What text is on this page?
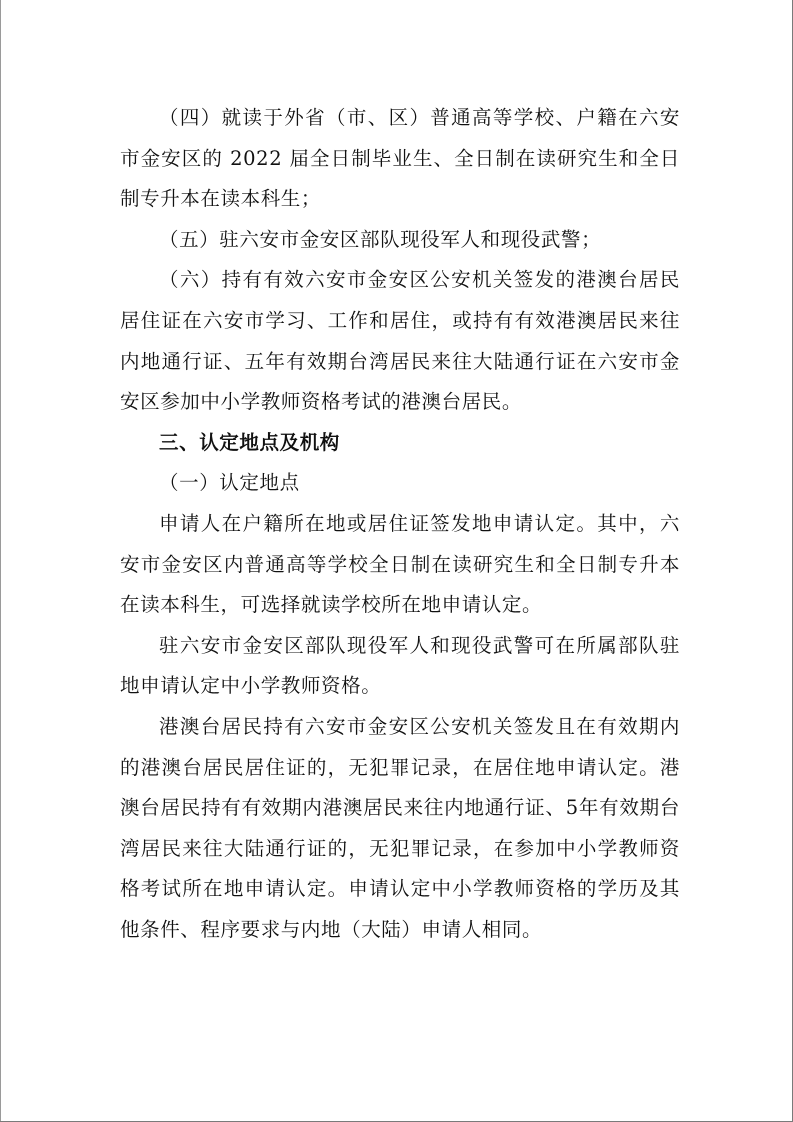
（四）就读于外省（市、区）普通高等学校、户籍在六安市金安区的 2022 届全日制毕业生、全日制在读研究生和全日制专升本在读本科生；

（五）驻六安市金安区部队现役军人和现役武警；

（六）持有有效六安市金安区公安机关签发的港澳台居民居住证在六安市学习、工作和居住，或持有有效港澳居民来往内地通行证、五年有效期台湾居民来往大陆通行证在六安市金安区参加中小学教师资格考试的港澳台居民。

三、认定地点及机构

（一）认定地点

申请人在户籍所在地或居住证签发地申请认定。其中，六安市金安区内普通高等学校全日制在读研究生和全日制专升本在读本科生，可选择就读学校所在地申请认定。

驻六安市金安区部队现役军人和现役武警可在所属部队驻地申请认定中小学教师资格。

港澳台居民持有六安市金安区公安机关签发且在有效期内的港澳台居民居住证的，无犯罪记录，在居住地申请认定。港澳台居民持有有效期内港澳居民来往内地通行证、5年有效期台湾居民来往大陆通行证的，无犯罪记录，在参加中小学教师资格考试所在地申请认定。申请认定中小学教师资格的学历及其他条件、程序要求与内地（大陆）申请人相同。
